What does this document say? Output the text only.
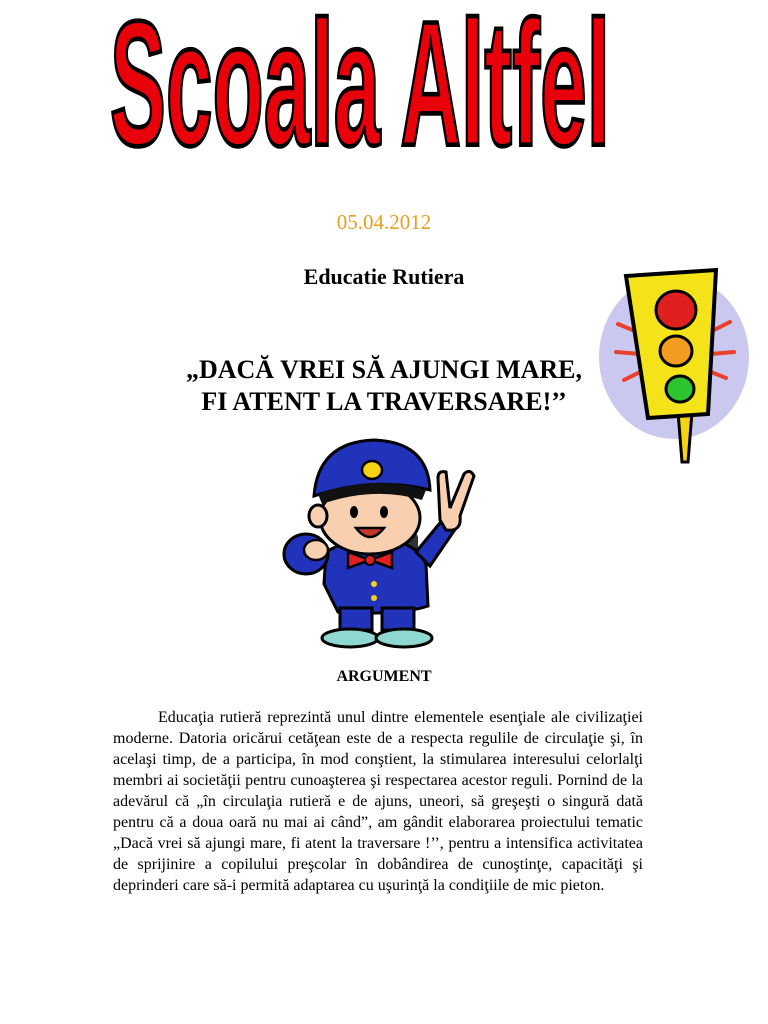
Scoala Altfel
05.04.2012
Educatie Rutiera
„DACĂ VREI SĂ AJUNGI MARE,
FI ATENT LA TRAVERSARE!’’
ARGUMENT
Educaţia rutieră reprezintă unul dintre elementele esenţiale ale civilizaţiei moderne. Datoria oricărui cetăţean este de a respecta regulile de circulaţie şi, în acelaşi timp, de a participa, în mod conştient, la stimularea interesului celorlalţi membri ai societăţii pentru cunoaşterea şi respectarea acestor reguli. Pornind de la adevărul că „în circulaţia rutieră e de ajuns, uneori, să greşeşti o singură dată pentru că a doua oară nu mai ai când”, am gândit elaborarea proiectului tematic „Dacă vrei să ajungi mare, fi atent la traversare !’’, pentru a intensifica activitatea de sprijinire a copilului preşcolar în dobândirea de cunoştinţe, capacităţi şi deprinderi care să-i permită adaptarea cu uşurinţă la condiţiile de mic pieton.
